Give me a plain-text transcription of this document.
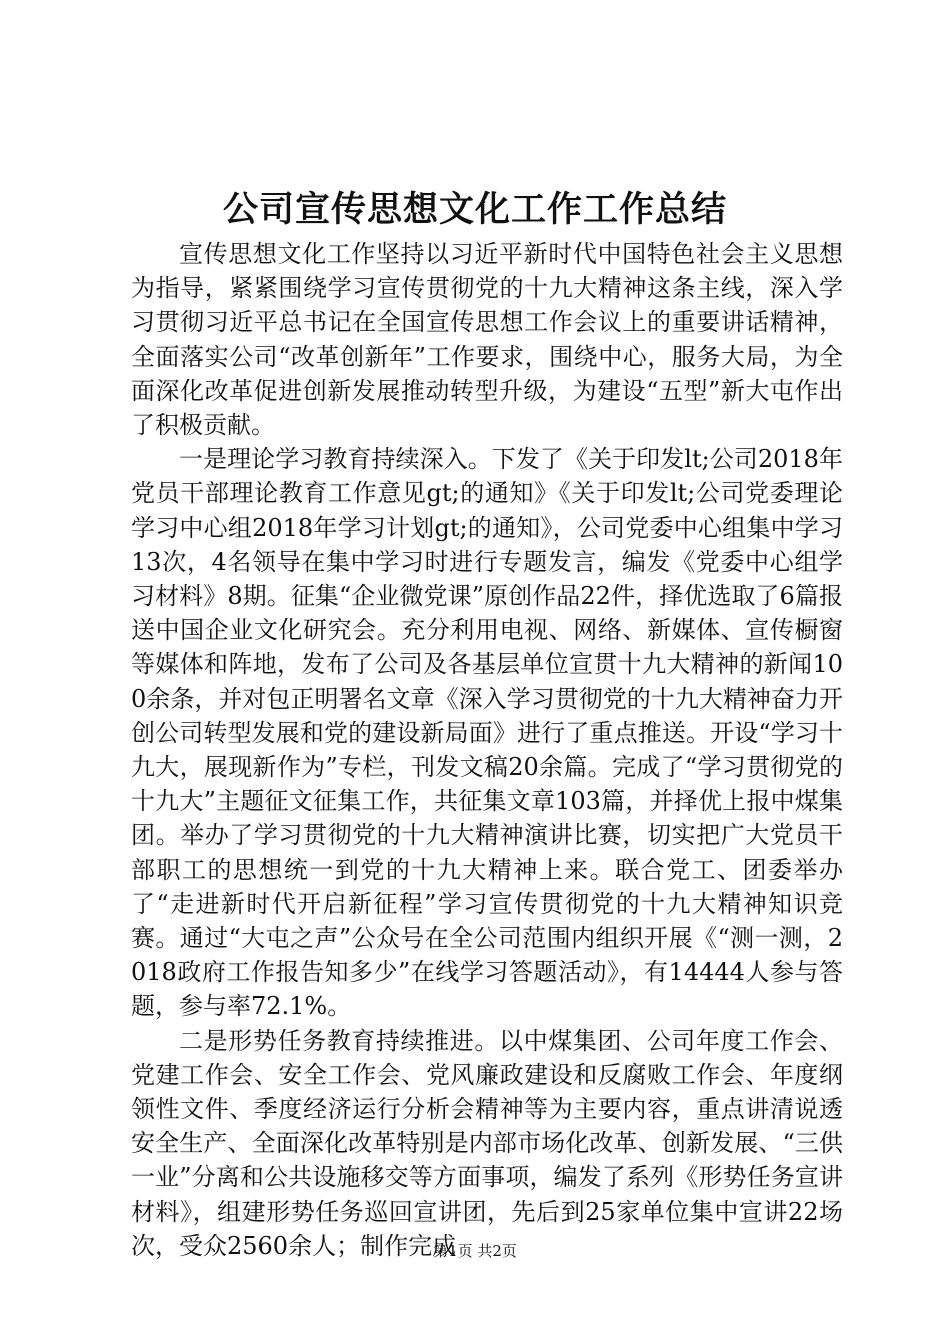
公司宣传思想文化工作工作总结

宣传思想文化工作坚持以习近平新时代中国特色社会主义思想为指导，紧紧围绕学习宣传贯彻党的十九大精神这条主线，深入学习贯彻习近平总书记在全国宣传思想工作会议上的重要讲话精神，全面落实公司“改革创新年”工作要求，围绕中心，服务大局，为全面深化改革促进创新发展推动转型升级，为建设“五型”新大屯作出了积极贡献。

一是理论学习教育持续深入。下发了《关于印发lt;公司2018年党员干部理论教育工作意见gt;的通知》《关于印发lt;公司党委理论学习中心组2018年学习计划gt;的通知》，公司党委中心组集中学习13次，4名领导在集中学习时进行专题发言，编发《党委中心组学习材料》8期。征集“企业微党课”原创作品22件，择优选取了6篇报送中国企业文化研究会。充分利用电视、网络、新媒体、宣传橱窗等媒体和阵地，发布了公司及各基层单位宣贯十九大精神的新闻100余条，并对包正明署名文章《深入学习贯彻党的十九大精神奋力开创公司转型发展和党的建设新局面》进行了重点推送。开设“学习十九大，展现新作为”专栏，刊发文稿20余篇。完成了“学习贯彻党的十九大”主题征文征集工作，共征集文章103篇，并择优上报中煤集团。举办了学习贯彻党的十九大精神演讲比赛，切实把广大党员干部职工的思想统一到党的十九大精神上来。联合党工、团委举办了“走进新时代开启新征程”学习宣传贯彻党的十九大精神知识竞赛。通过“大屯之声”公众号在全公司范围内组织开展《“测一测，2018政府工作报告知多少”在线学习答题活动》，有14444人参与答题，参与率72.1%。

二是形势任务教育持续推进。以中煤集团、公司年度工作会、党建工作会、安全工作会、党风廉政建设和反腐败工作会、年度纲领性文件、季度经济运行分析会精神等为主要内容，重点讲清说透安全生产、全面深化改革特别是内部市场化改革、创新发展、“三供一业”分离和公共设施移交等方面事项，编发了系列《形势任务宣讲材料》，组建形势任务巡回宣讲团，先后到25家单位集中宣讲22场次，受众2560余人；制作完成

第1页 共2页
